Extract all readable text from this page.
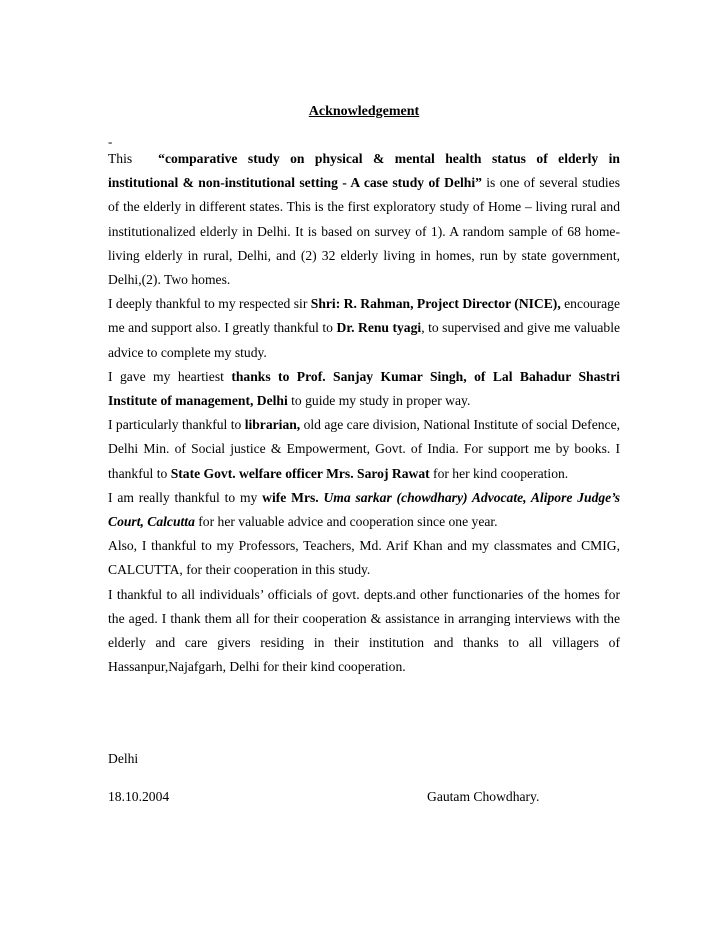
Acknowledgement
-

This “comparative study on physical & mental health status of elderly in institutional & non-institutional setting - A case study of Delhi” is one of several studies of the elderly in different states. This is the first exploratory study of Home – living rural and institutionalized elderly in Delhi. It is based on survey of 1). A random sample of 68 home-living elderly in rural, Delhi, and (2) 32 elderly living in homes, run by state government, Delhi,(2). Two homes.

I deeply thankful to my respected sir Shri: R. Rahman, Project Director (NICE), encourage me and support also. I greatly thankful to Dr. Renu tyagi, to supervised and give me valuable advice to complete my study.

I gave my heartiest thanks to Prof. Sanjay Kumar Singh, of Lal Bahadur Shastri Institute of management, Delhi to guide my study in proper way.

I particularly thankful to librarian, old age care division, National Institute of social Defence, Delhi Min. of Social justice & Empowerment, Govt. of India. For support me by books. I thankful to State Govt. welfare officer Mrs. Saroj Rawat for her kind cooperation.

I am really thankful to my wife Mrs. Uma sarkar (chowdhary) Advocate, Alipore Judge’s Court, Calcutta for her valuable advice and cooperation since one year.

Also, I thankful to my Professors, Teachers, Md. Arif Khan and my classmates and CMIG, CALCUTTA, for their cooperation in this study.

I thankful to all individuals’ officials of govt. depts.and other functionaries of the homes for the aged. I thank them all for their cooperation & assistance in arranging interviews with the elderly and care givers residing in their institution and thanks to all villagers of Hassanpur,Najafgarh, Delhi for their kind cooperation.

Delhi
18.10.2004	Gautam Chowdhary.
